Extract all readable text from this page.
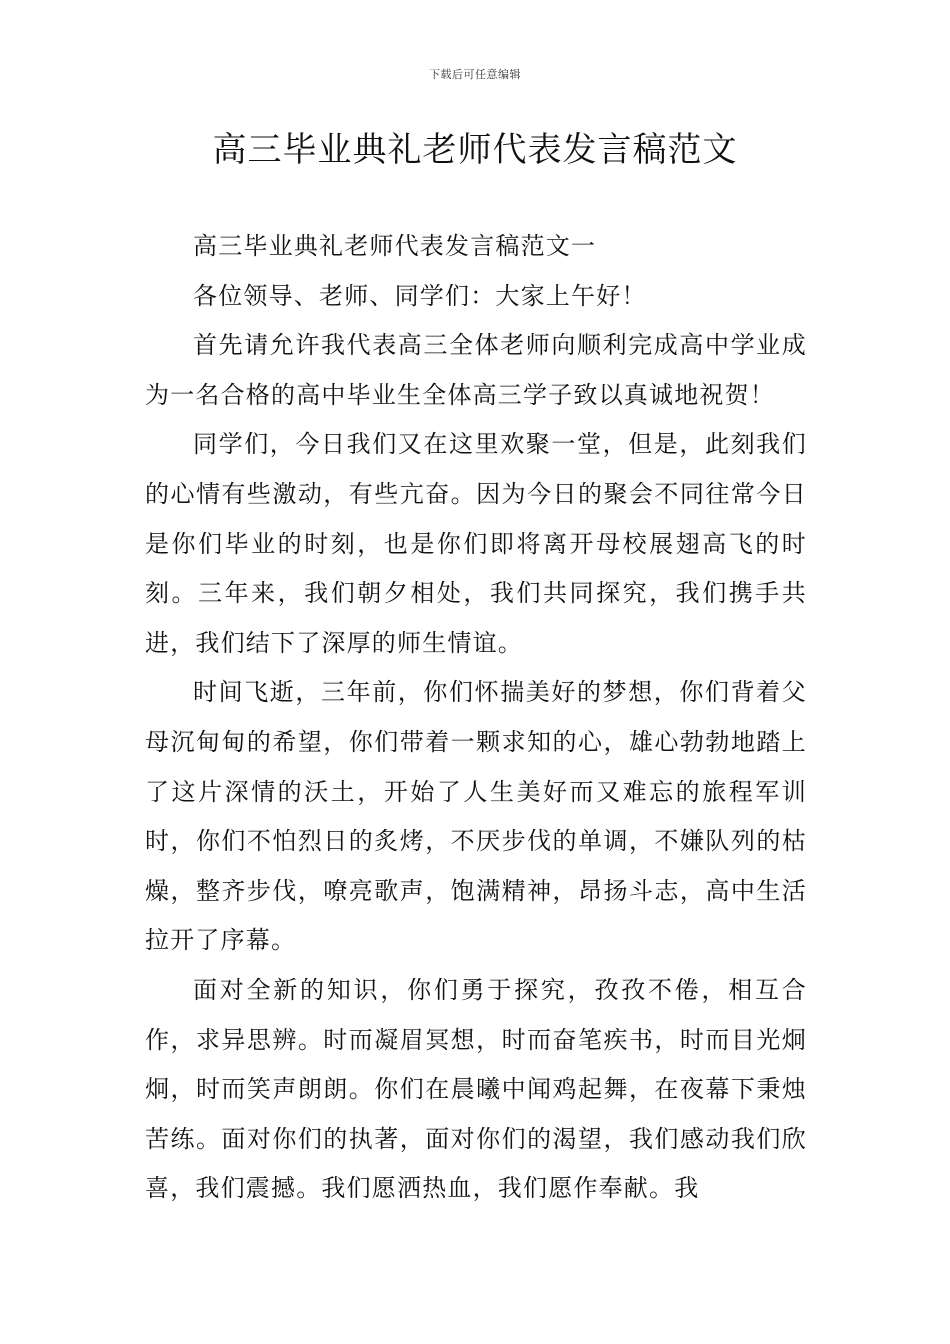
下载后可任意编辑
高三毕业典礼老师代表发言稿范文

高三毕业典礼老师代表发言稿范文一

各位领导、老师、同学们：大家上午好！

首先请允许我代表高三全体老师向顺利完成高中学业成为一名合格的高中毕业生全体高三学子致以真诚地祝贺！

同学们，今日我们又在这里欢聚一堂，但是，此刻我们的心情有些激动，有些亢奋。因为今日的聚会不同往常今日是你们毕业的时刻，也是你们即将离开母校展翅高飞的时刻。三年来，我们朝夕相处，我们共同探究，我们携手共进，我们结下了深厚的师生情谊。

时间飞逝，三年前，你们怀揣美好的梦想，你们背着父母沉甸甸的希望，你们带着一颗求知的心，雄心勃勃地踏上了这片深情的沃土，开始了人生美好而又难忘的旅程军训时，你们不怕烈日的炙烤，不厌步伐的单调，不嫌队列的枯燥，整齐步伐，嘹亮歌声，饱满精神，昂扬斗志，高中生活拉开了序幕。

面对全新的知识，你们勇于探究，孜孜不倦，相互合作，求异思辨。时而凝眉冥想，时而奋笔疾书，时而目光炯炯，时而笑声朗朗。你们在晨曦中闻鸡起舞，在夜幕下秉烛苦练。面对你们的执著，面对你们的渴望，我们感动我们欣喜，我们震撼。我们愿洒热血，我们愿作奉献。我
